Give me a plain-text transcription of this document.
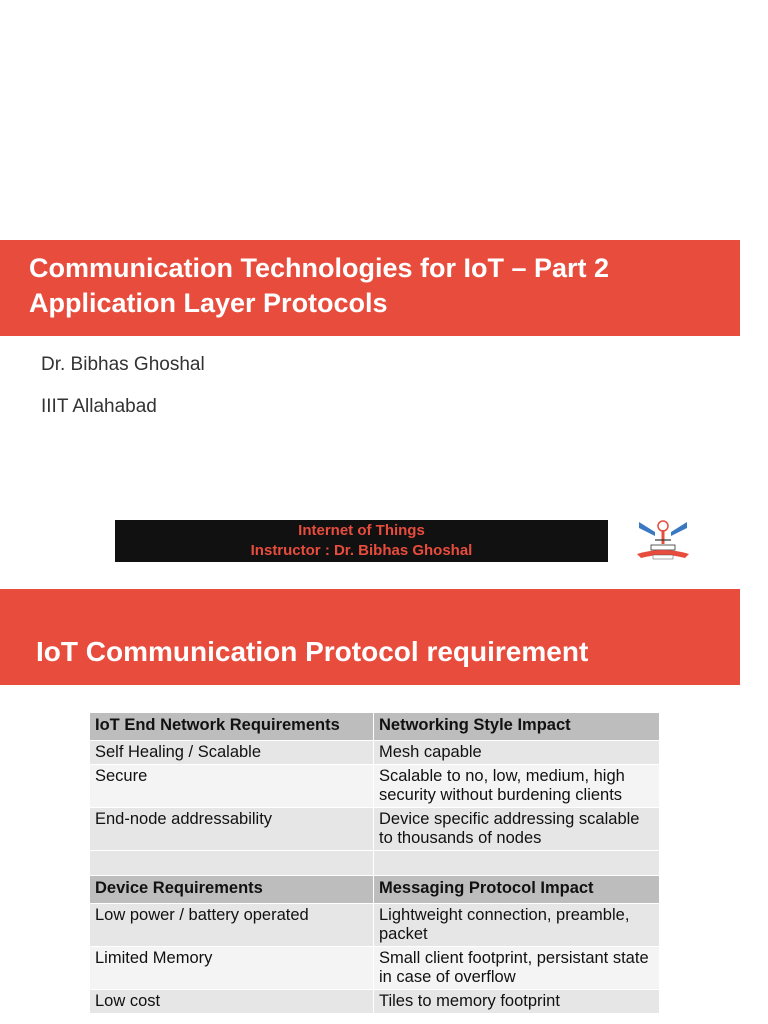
Communication Technologies for IoT – Part 2
Application Layer Protocols
Dr. Bibhas Ghoshal
IIIT Allahabad
Internet of Things
Instructor : Dr. Bibhas Ghoshal
IoT Communication Protocol requirement
IoT End Network Requirements	Networking Style Impact
Self Healing / Scalable	Mesh capable
Secure	Scalable to no, low, medium, high security without burdening clients
End-node addressability	Device specific addressing scalable to thousands of nodes

Device Requirements	Messaging Protocol Impact
Low power / battery operated	Lightweight connection, preamble, packet
Limited Memory	Small client footprint, persistant state in case of overflow
Low cost	Tiles to memory footprint
